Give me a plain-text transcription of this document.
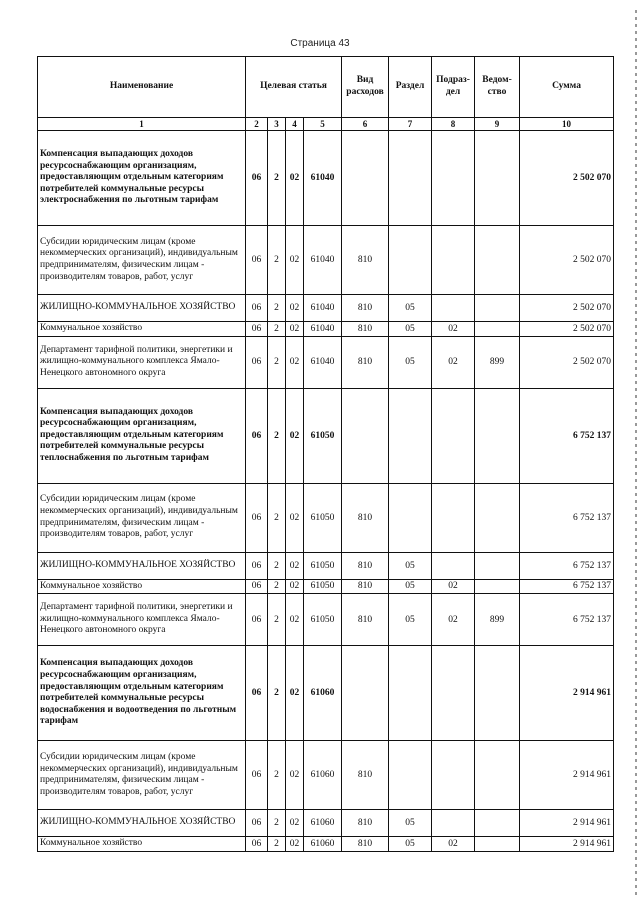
Страница 43
Наименование	Целевая статья				Вид расходов	Раздел	Подраз-дел	Ведом-ство	Сумма
1	2	3	4	5	6	7	8	9	10
Компенсация выпадающих доходов ресурсоснабжающим организациям, предоставляющим отдельным категориям потребителей коммунальные ресурсы электроснабжения по льготным тарифам	06	2	02	61040					2 502 070
Субсидии юридическим лицам (кроме некоммерческих организаций), индивидуальным предпринимателям, физическим лицам - производителям товаров, работ, услуг	06	2	02	61040	810				2 502 070
ЖИЛИЩНО-КОММУНАЛЬНОЕ ХОЗЯЙСТВО	06	2	02	61040	810	05			2 502 070
Коммунальное хозяйство	06	2	02	61040	810	05	02		2 502 070
Департамент тарифной политики, энергетики и жилищно-коммунального комплекса Ямало-Ненецкого автономного округа	06	2	02	61040	810	05	02	899	2 502 070
Компенсация выпадающих доходов ресурсоснабжающим организациям, предоставляющим отдельным категориям потребителей коммунальные ресурсы теплоснабжения по льготным тарифам	06	2	02	61050					6 752 137
Субсидии юридическим лицам (кроме некоммерческих организаций), индивидуальным предпринимателям, физическим лицам - производителям товаров, работ, услуг	06	2	02	61050	810				6 752 137
ЖИЛИЩНО-КОММУНАЛЬНОЕ ХОЗЯЙСТВО	06	2	02	61050	810	05			6 752 137
Коммунальное хозяйство	06	2	02	61050	810	05	02		6 752 137
Департамент тарифной политики, энергетики и жилищно-коммунального комплекса Ямало-Ненецкого автономного округа	06	2	02	61050	810	05	02	899	6 752 137
Компенсация выпадающих доходов ресурсоснабжающим организациям, предоставляющим отдельным категориям потребителей коммунальные ресурсы водоснабжения и водоотведения по льготным тарифам	06	2	02	61060					2 914 961
Субсидии юридическим лицам (кроме некоммерческих организаций), индивидуальным предпринимателям, физическим лицам - производителям товаров, работ, услуг	06	2	02	61060	810				2 914 961
ЖИЛИЩНО-КОММУНАЛЬНОЕ ХОЗЯЙСТВО	06	2	02	61060	810	05			2 914 961
Коммунальное хозяйство	06	2	02	61060	810	05	02		2 914 961
